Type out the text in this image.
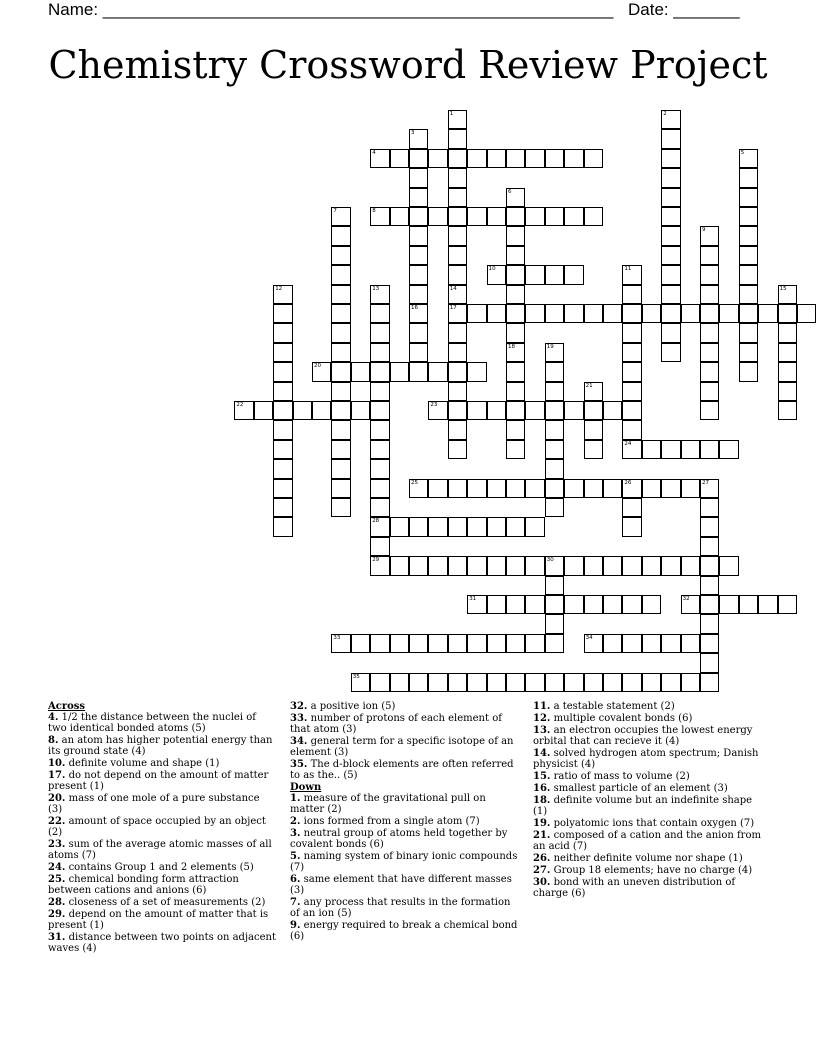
Name: ______________________________________________________ Date: _______
Chemistry Crossword Review Project
1	2
3
4	5
6
18
7	8
9
10	11
12	13
28
29
14
17
15
16
19
20
21
22	23
24
25	26	27
30
31	32
33	34
35
Across
4. 1/2 the distance between the nuclei of two identical bonded atoms (5)
8. an atom has higher potential energy than its ground state (4)
10. definite volume and shape (1)
17. do not depend on the amount of matter present (1)
20. mass of one mole of a pure substance (3)
22. amount of space occupied by an object (2)
23. sum of the average atomic masses of all atoms (7)
24. contains Group 1 and 2 elements (5)
25. chemical bonding form attraction between cations and anions (6)
28. closeness of a set of measurements (2)
29. depend on the amount of matter that is present (1)
31. distance between two points on adjacent waves (4)
32. a positive ion (5)
33. number of protons of each element of that atom (3)
34. general term for a specific isotope of an element (3)
35. The d-block elements are often referred to as the.. (5)
Down
1. measure of the gravitational pull on matter (2)
2. ions formed from a single atom (7)
3. neutral group of atoms held together by covalent bonds (6)
5. naming system of binary ionic compounds (7)
6. same element that have different masses (3)
7. any process that results in the formation of an ion (5)
9. energy required to break a chemical bond (6)
11. a testable statement (2)
12. multiple covalent bonds (6)
13. an electron occupies the lowest energy orbital that can recieve it (4)
14. solved hydrogen atom spectrum; Danish physicist (4)
15. ratio of mass to volume (2)
16. smallest particle of an element (3)
18. definite volume but an indefinite shape (1)
19. polyatomic ions that contain oxygen (7)
21. composed of a cation and the anion from an acid (7)
26. neither definite volume nor shape (1)
27. Group 18 elements; have no charge (4)
30. bond with an uneven distribution of charge (6)
